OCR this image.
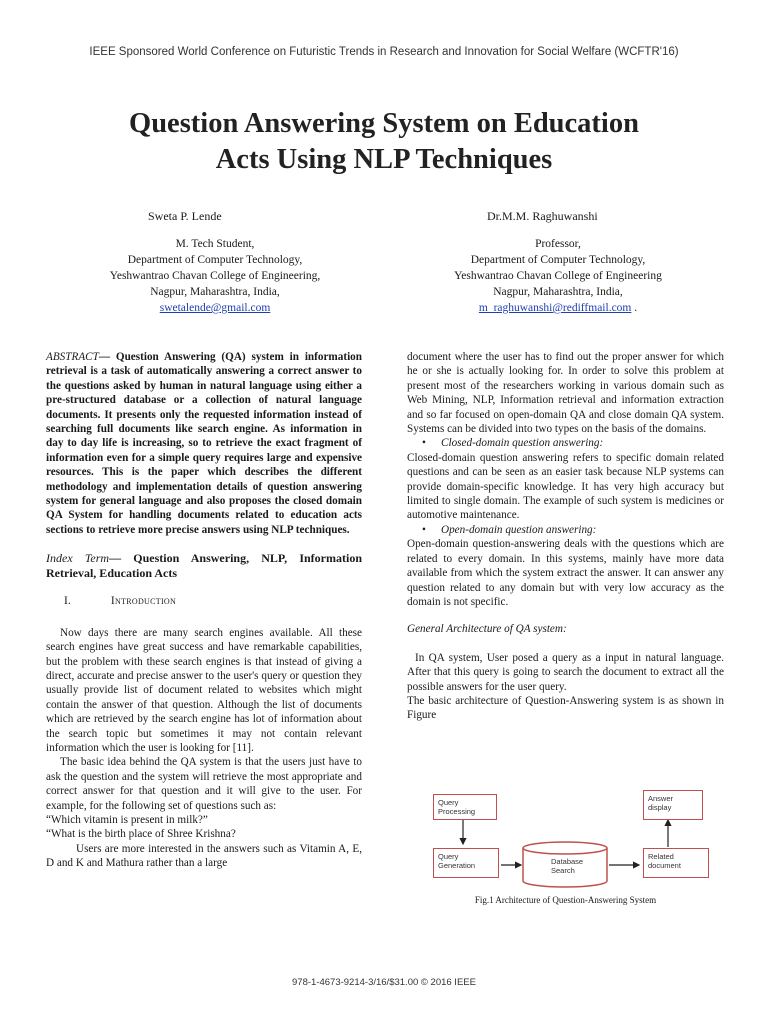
IEEE Sponsored World Conference on Futuristic Trends in Research and Innovation for Social Welfare (WCFTR'16)
Question Answering System on Education
Acts Using NLP Techniques
Sweta P. Lende
M. Tech Student,
Department of Computer Technology,
Yeshwantrao Chavan College of Engineering,
Nagpur, Maharashtra, India,
swetalende@gmail.com
Dr.M.M. Raghuwanshi
Professor,
Department of Computer Technology,
Yeshwantrao Chavan College of Engineering
Nagpur, Maharashtra, India,
m_raghuwanshi@rediffmail.com .

ABSTRACT— Question Answering (QA) system in information retrieval is a task of automatically answering a correct answer to the questions asked by human in natural language using either a pre-structured database or a collection of natural language documents. It presents only the requested information instead of searching full documents like search engine. As information in day to day life is increasing, so to retrieve the exact fragment of information even for a simple query requires large and expensive resources. This is the paper which describes the different methodology and implementation details of question answering system for general language and also proposes the closed domain QA System for handling documents related to education acts sections to retrieve more precise answers using NLP techniques.

Index Term— Question Answering, NLP, Information Retrieval, Education Acts

I.	Introduction

Now days there are many search engines available. All these search engines have great success and have remarkable capabilities, but the problem with these search engines is that instead of giving a direct, accurate and precise answer to the user's query or question they usually provide list of document related to websites which might contain the answer of that question. Although the list of documents which are retrieved by the search engine has lot of information about the search topic but sometimes it may not contain relevant information which the user is looking for [11].

The basic idea behind the QA system is that the users just have to ask the question and the system will retrieve the most appropriate and correct answer for that question and it will give to the user. For example, for the following set of questions such as:

“Which vitamin is present in milk?”

“What is the birth place of Shree Krishna?

Users are more interested in the answers such as Vitamin A, E, D and K and Mathura rather than a large

document where the user has to find out the proper answer for which he or she is actually looking for. In order to solve this problem at present most of the researchers working in various domain such as Web Mining, NLP, Information retrieval and information extraction and so far focused on open-domain QA and close domain QA system. Systems can be divided into two types on the basis of the domains.

•	Closed-domain question answering:

Closed-domain question answering refers to specific domain related questions and can be seen as an easier task because NLP systems can provide domain-specific knowledge. It has very high accuracy but limited to single domain. The example of such system is medicines or automotive maintenance.

•	Open-domain question answering:

Open-domain question-answering deals with the questions which are related to every domain. In this systems, mainly have more data available from which the system extract the answer. It can answer any question related to any domain but with very low accuracy as the domain is not specific.

General Architecture of QA system:

In QA system, User posed a query as a input in natural language. After that this query is going to search the document to extract all the possible answers for the user query.

The basic architecture of Question-Answering system is as shown in Figure

Query Processing
Query Generation	Database Search
Related document
Answer display
Fig.1 Architecture of Question-Answering System
978-1-4673-9214-3/16/$31.00 © 2016 IEEE
